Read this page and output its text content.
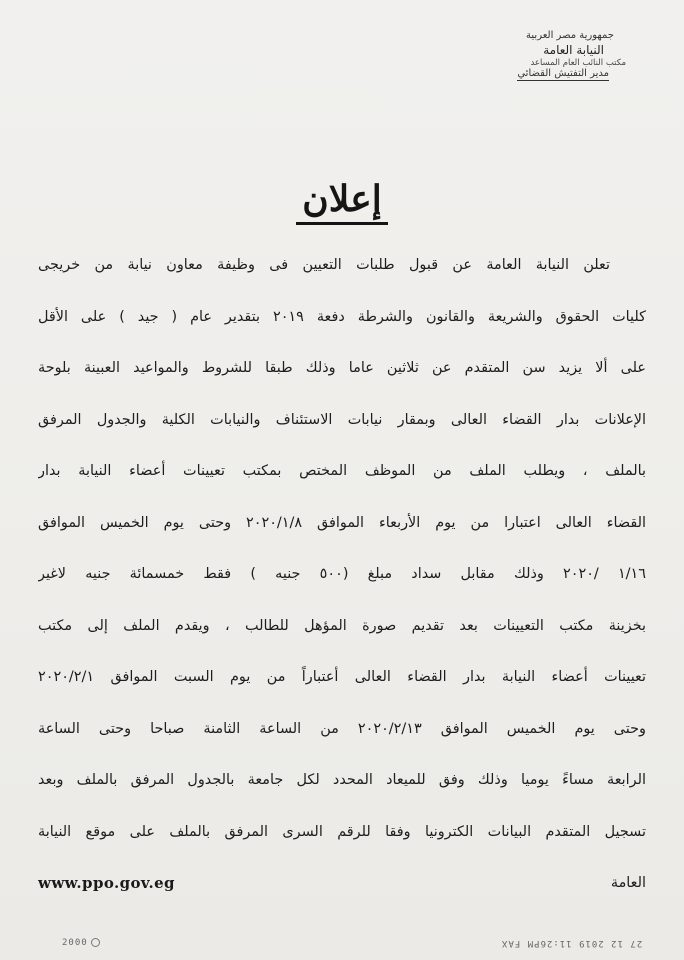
جمهورية مصر العربية
النيابة العامة
مكتب النائب العام المساعد
مدير التفتيش القضائي
إعلان
تعلن النيابة العامة عن قبول طلبات التعيين فى وظيفة معاون نيابة من خريجى
كليات الحقوق والشريعة والقانون والشرطة دفعة ٢٠١٩ بتقدير عام ( جيد ) على الأقل
على ألا يزيد سن المتقدم عن ثلاثين عاما وذلك طبقا للشروط والمواعيد العبينة بلوحة
الإعلانات بدار القضاء العالى وبمقار نيابات الاستئناف والنيابات الكلية والجدول المرفق
بالملف ، ويطلب الملف من الموظف المختص بمكتب تعيينات أعضاء النيابة بدار
القضاء العالى اعتبارا من يوم الأربعاء الموافق ٢٠٢٠/١/٨ وحتى يوم الخميس الموافق
١/١٦ /٢٠٢٠ وذلك مقابل سداد مبلغ (٥٠٠ جنيه ) فقط خمسمائة جنيه لاغير
بخزينة مكتب التعيينات بعد تقديم صورة المؤهل للطالب ، ويقدم الملف إلى مكتب
تعيينات أعضاء النيابة بدار القضاء العالى أعتباراً من يوم السبت الموافق ٢٠٢٠/٢/١
وحتى يوم الخميس الموافق ٢٠٢٠/٢/١٣ من الساعة الثامنة صباحا وحتى الساعة
الرابعة مساءً يوميا وذلك وفق للميعاد المحدد لكل جامعة بالجدول المرفق بالملف وبعد
تسجيل المتقدم البيانات الكترونيا وفقا للرقم السرى المرفق بالملف على موقع النيابة
العامة
www.ppo.gov.eg
2000	27 12 2019 11:26PM FAX
